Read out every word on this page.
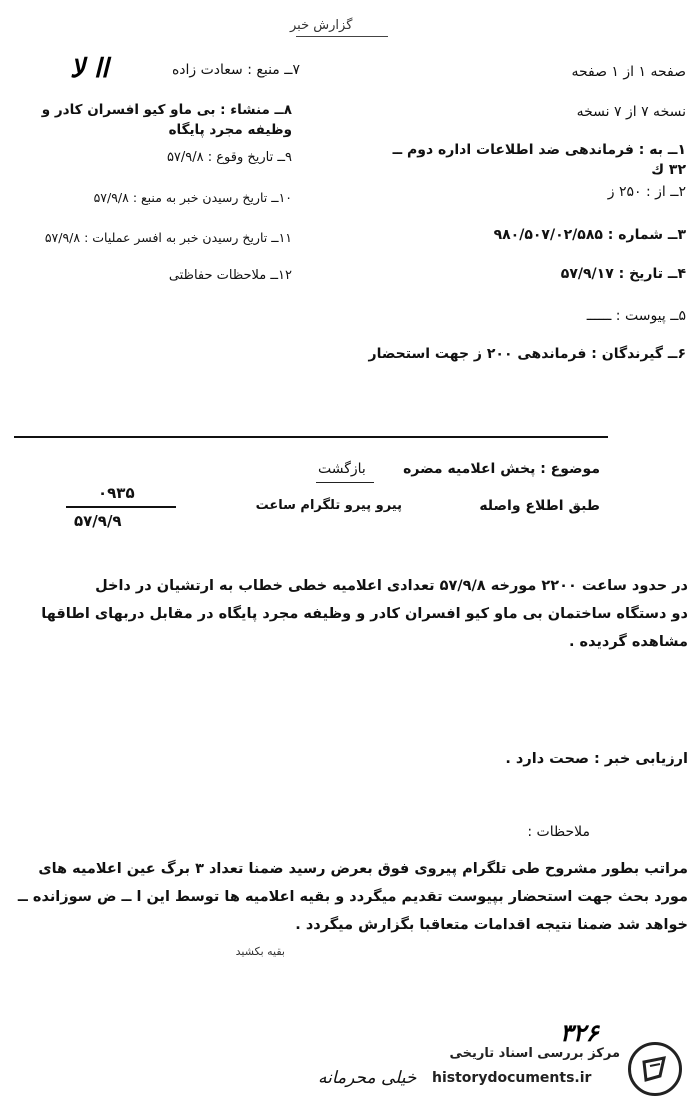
گزارش خبر
۷ــ منبع : سعادت زاده
اا لا
۸ــ منشاء : بی ماو کیو افسران کادر و وظیفه مجرد پایگاه
۹ــ تاریخ وقوع : ۵۷/۹/۸
۱۰ــ تاریخ رسیدن خبر به منبع : ۵۷/۹/۸
۱۱ــ تاریخ رسیدن خبر به افسر عملیات : ۵۷/۹/۸
۱۲ــ ملاحظات حفاظتی
صفحه ۱ از ۱ صفحه
نسخه ۷ از ۷ نسخه
۱ــ به : فرماندهی ضد اطلاعات اداره دوم ــ ۳۲ ك
۲ــ از : ۲۵۰ ز
۳ــ شماره : ۹۸۰/۵۰۷/۰۲/۵۸۵
۴ــ تاریخ : ۵۷/۹/۱۷
۵ــ پیوست : ــــــ
۶ــ گیرندگان : فرماندهی ۲۰۰ ز جهت استحضار
موضوع : پخش اعلامیه مضره
بازگشت
طبق اطلاع واصله
پیرو پیرو تلگرام ساعت
۰۹۳۵
۵۷/۹/۹
در حدود ساعت ۲۲۰۰ مورخه ۵۷/۹/۸ تعدادی اعلامیه خطی خطاب به ارتشیان در داخل
دو دستگاه ساختمان بی ماو کیو افسران کادر و وظیفه مجرد پایگاه در مقابل دربهای اطاقها
مشاهده گردیده .
ارزیابی خبر : صحت دارد .
ملاحظات :
مراتب بطور مشروح طی تلگرام پیروی فوق بعرض رسید ضمنا تعداد ۳ برگ عین اعلامیه های
مورد بحث جهت استحضار بپیوست تقدیم میگردد و بقیه اعلامیه ها توسط این ا ــ ض سوزانده ــ
خواهد شد ضمنا نتیجه اقدامات متعاقبا بگزارش میگردد .
بقیه بکشید
۳۲۶
خیلی محرمانه
مرکز بررسی اسناد تاریخی
historydocuments.ir
